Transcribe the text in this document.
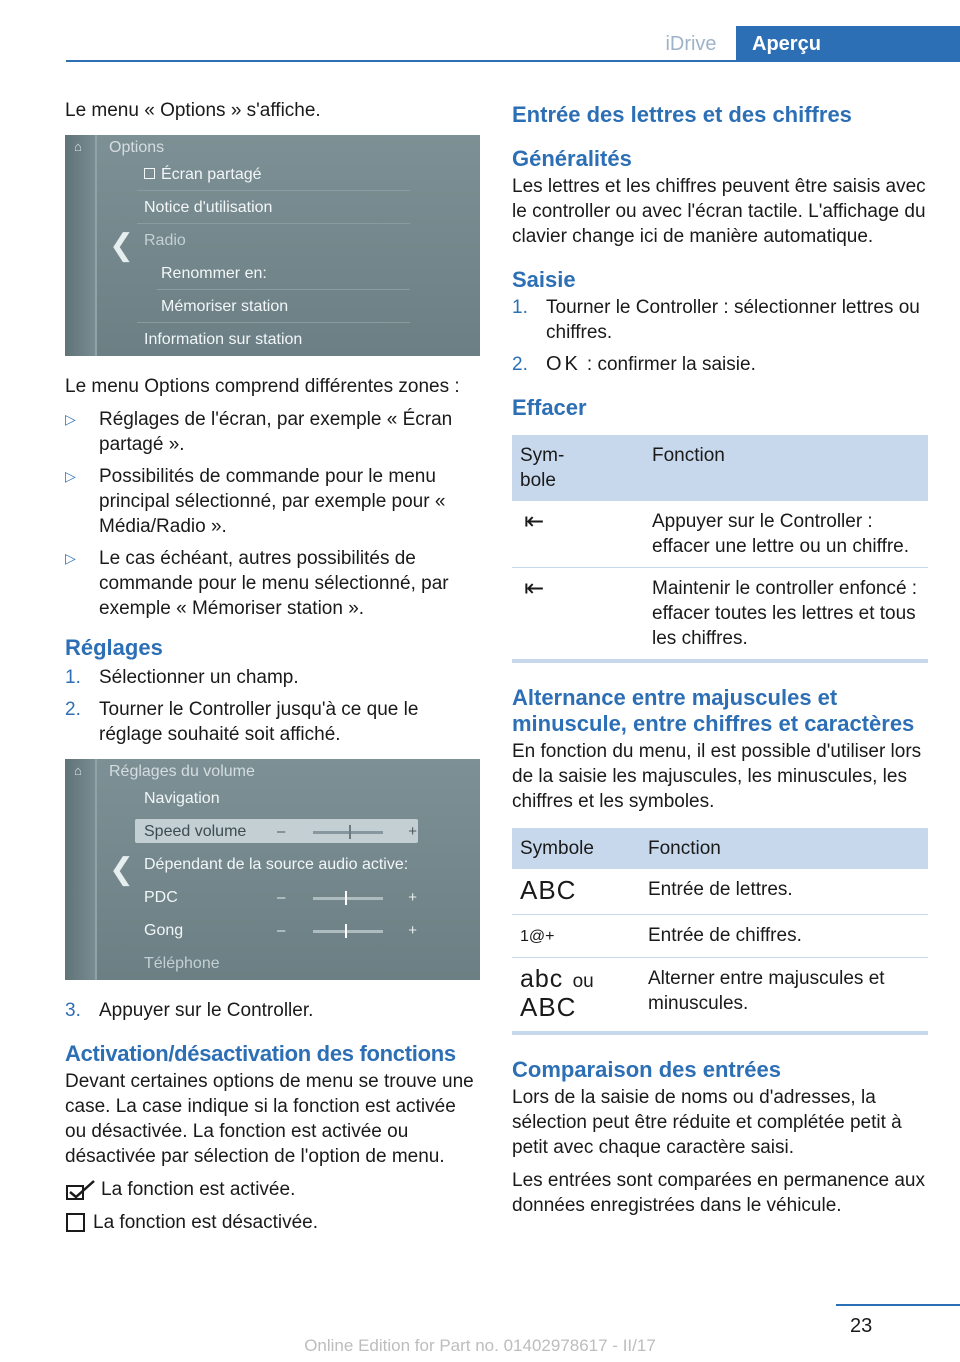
iDrive	Aperçu

Le menu « Options » s'affiche.

⌂
❮
Options
Écran partagé
Notice d'utilisation
Radio
Renommer en:
Mémoriser station
Information sur station

Le menu Options comprend différentes zones :

▷ Réglages de l'écran, par exemple « Écran partagé ».
▷ Possibilités de commande pour le menu principal sélectionné, par exemple pour « Média/Radio ».
▷ Le cas échéant, autres possibilités de commande pour le menu sélectionné, par exemple « Mémoriser station ».
Réglages
1. Sélectionner un champ.
2. Tourner le Controller jusqu'à ce que le réglage souhaité soit affiché.
⌂
❮
Réglages du volume
Navigation
Speed volume –	+
Dépendant de la source audio active:
PDC	–	+
Gong	–	+
Téléphone
3. Appuyer sur le Controller.
Activation/désactivation des fonctions

Devant certaines options de menu se trouve une case. La case indique si la fonction est activée ou désactivée. La fonction est activée ou désactivée par sélection de l'option de menu.

La fonction est activée.
La fonction est désactivée.
Entrée des lettres et des chiffres
Généralités

Les lettres et les chiffres peuvent être saisis avec le controller ou avec l'écran tactile. L'affichage du clavier change ici de manière automatique.

Saisie
1. Tourner le Controller : sélectionner lettres ou chiffres.
2. OK : confirmer la saisie.
Effacer
Sym-
bole	Fonction
⇤	Appuyer sur le Controller : effacer une lettre ou un chiffre.
⇤	Maintenir le controller enfoncé : effacer toutes les lettres et tous les chiffres.
Alternance entre majuscules et minuscule, entre chiffres et caractères

En fonction du menu, il est possible d'utiliser lors de la saisie les majuscules, les minuscules, les chiffres et les symboles.

Symbole	Fonction
ABC	Entrée de lettres.
1@+	Entrée de chiffres.
abc ou
ABC	Alterner entre majuscules et minuscules.
Comparaison des entrées

Lors de la saisie de noms ou d'adresses, la sélection peut être réduite et complétée petit à petit avec chaque caractère saisi.

Les entrées sont comparées en permanence aux données enregistrées dans le véhicule.

23
Online Edition for Part no. 01402978617 - II/17
